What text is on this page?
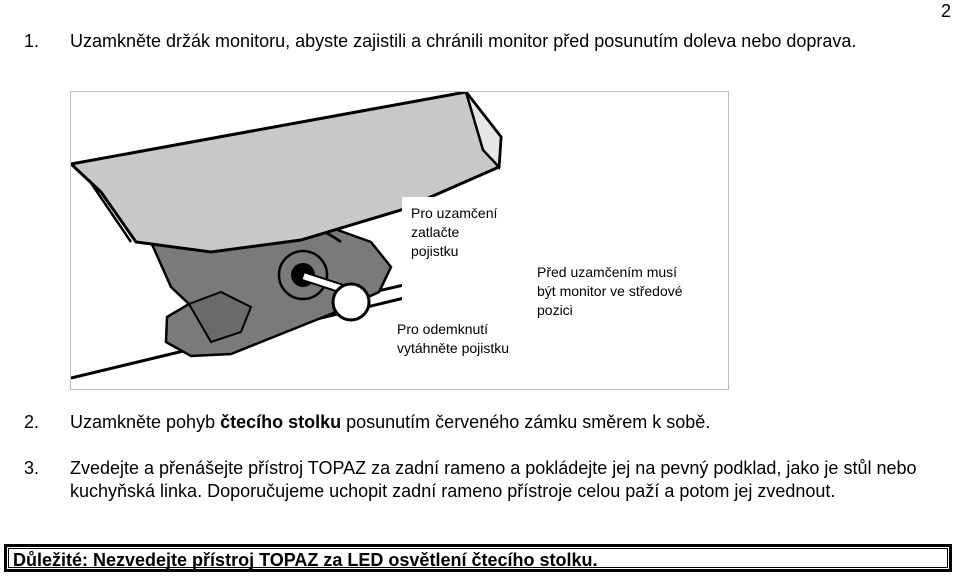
2
1. Uzamkněte držák monitoru, abyste zajistili a chránili monitor před posunutím doleva nebo doprava.
Pro uzamčení
zatlačte
pojistku
Pro odemknutí
vytáhněte pojistku
Před uzamčením musí
být monitor ve středové
pozici
2. Uzamkněte pohyb čtecího stolku posunutím červeného zámku směrem k sobě.
3. Zvedejte a přenášejte přístroj TOPAZ za zadní rameno a pokládejte jej na pevný podklad, jako je stůl nebo kuchyňská linka. Doporučujeme uchopit zadní rameno přístroje celou paží a potom jej zvednout.
Důležité: Nezvedejte přístroj TOPAZ za LED osvětlení čtecího stolku.
